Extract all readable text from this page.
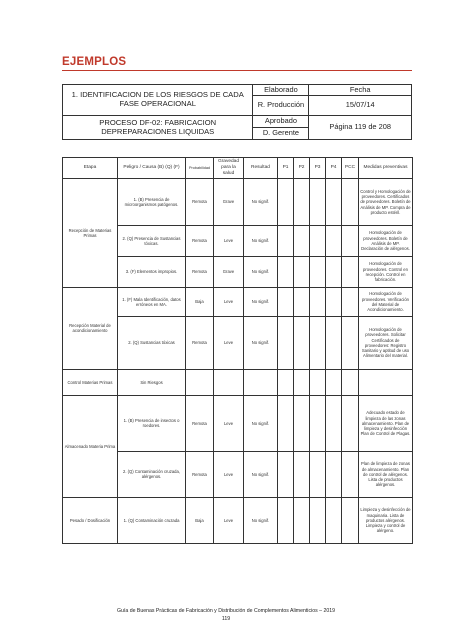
EJEMPLOS
1. IDENTIFICACION DE LOS RIESGOS DE CADA FASE OPERACIONAL	Elaborado	Fecha
	R. Producción	15/07/14

PROCESO DF-02: FABRICACION DEPREPARACIONES LIQUIDAS	Aprobado	Página 119 de 208
	D. Gerente	
Etapa	Peligro / Causa (B) (Q) (F)	Probabilidad	Gravedad para la salud	Resultad	P1	P2	P3	P4	PCC	Medidas preventivas
Recepción de Materias Primas	1. (B) Presencia de microorganismos patógenos.	Remota	Grave	No signif.						Control y Homologación de proveedores. Certificados de proveedores. Boletín de Análisis de MP. Compra de producto estéril.
	2. (Q) Presencia de Sustancias tóxicas.	Remota	Leve	No signif.						Homologación de proveedores. Boletín de Análisis de MP. Declaración de alérgenos.
	3. (F) Elementos impropios.	Remota	Grave	No signif.						Homologación de proveedores. Control en recepción. Control en fabricación.
Recepción Material de acondicionamiento	1. (F) Mala Identificación, datos erróneos en MA.	Baja	Leve	No signif.						Homologación de proveedores. Verificación del Material de Acondicionamiento.
	2. (Q) Sustancias tóxicas	Remota	Leve	No signif.						Homologación de proveedores. Solicitar Certificados de proveedores: Registro Sanitario y aptitud de uso Alimentario del material.
Control Materias Primas	Sin Riesgos									
Almacenado Materia Prima	1. (B) Presencia de insectos o roedores.	Remota	Leve	No signif.						Adecuado estado de limpieza de las zonas almacenamiento. Plan de limpieza y desinfección Plan de Control de Plagas.
	2. (Q) Contaminación cruzada, alérgenos.	Remota	Leve	No signif.						Plan de limpieza de zonas de almacenamiento. Plan de control de alérgenos. Lista de productos alérgenos.
Pesado / Dosificación	1. (Q) Contaminación cruzada	Baja	Leve	No signif.						Limpieza y desinfección de maquinaria. Lista de productos alérgenos. Limpieza y control de alérgeno.
Guía de Buenas Prácticas de Fabricación y Distribución de Complementos Alimenticios – 2019
119
